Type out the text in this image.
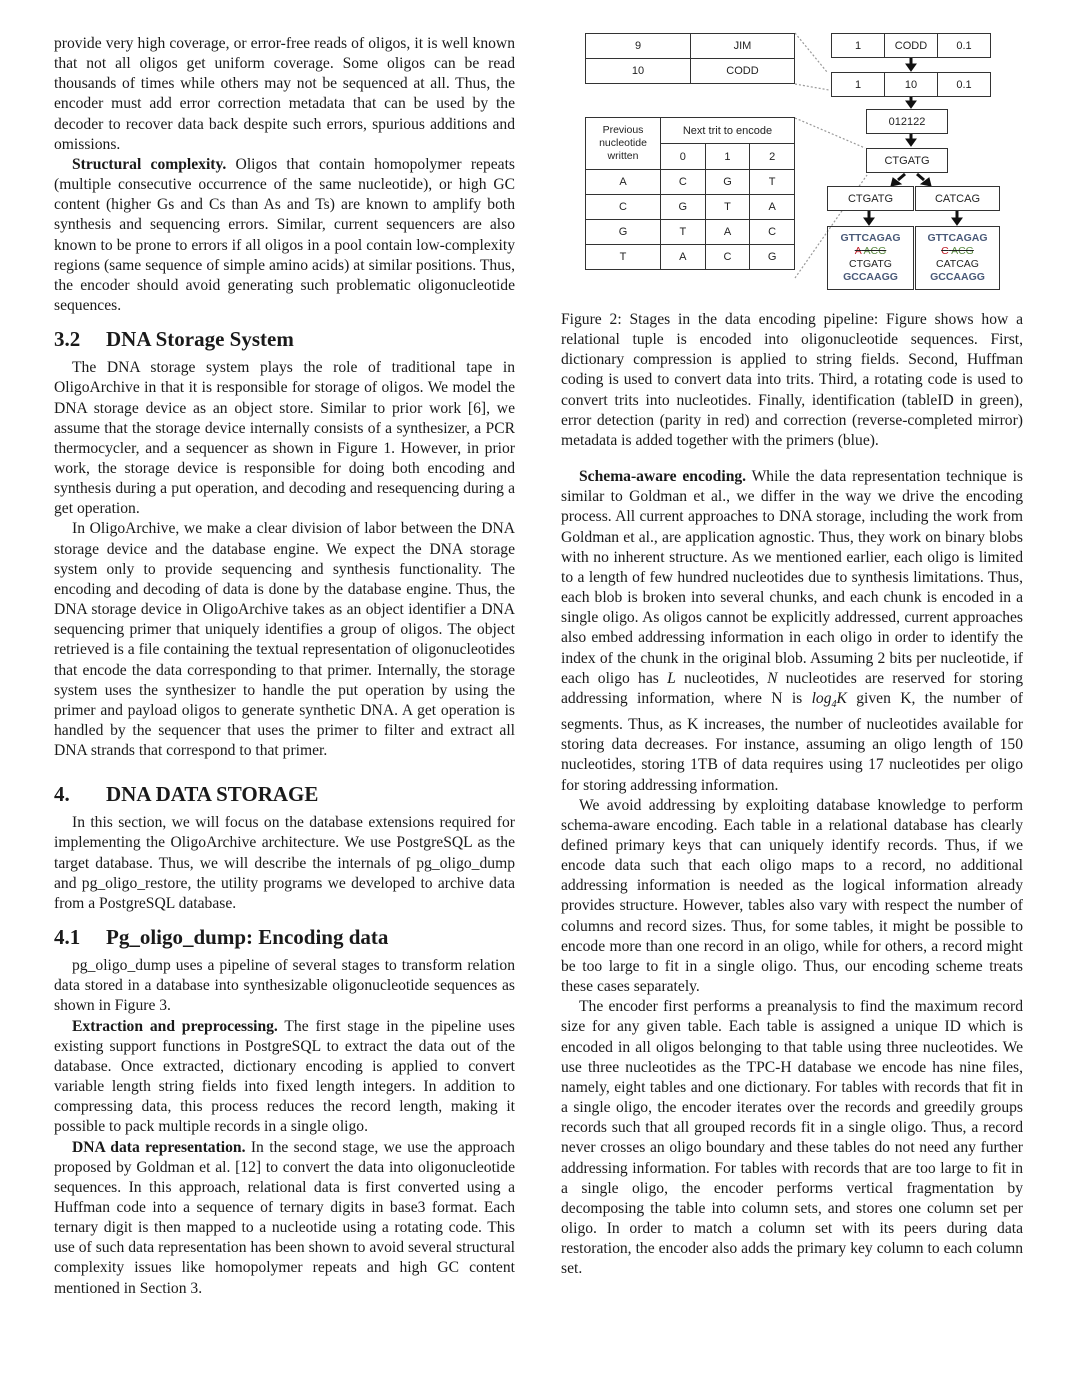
9	JIM
10	CODD
1	CODD	0.1
1	10	0.1
012122
CTGATG
CTGATG	CATCAG
Previous nucleotide written	Next trit to encode		
	0	1	2
A	C	G	T
C	G	T	A
G	T	A	C
T	A	C	G
GTTCAGAG
A ACG
CTGATG
GCCAAGG
GTTCAGAG
C ACG
CATCAG
GCCAAGG

provide very high coverage, or error-free reads of oligos, it is well known that not all oligos get uniform coverage. Some oligos can be read thousands of times while others may not be sequenced at all. Thus, the encoder must add error correction metadata that can be used by the decoder to recover data back despite such errors, spurious additions and omissions.

Structural complexity. Oligos that contain homopolymer repeats (multiple consecutive occurrence of the same nucleotide), or high GC content (higher Gs and Cs than As and Ts) are known to amplify both synthesis and sequencing errors. Similar, current sequencers are also known to be prone to errors if all oligos in a pool contain low-complexity regions (same sequence of simple amino acids) at similar positions. Thus, the encoder should avoid generating such problematic oligonucleotide sequences.

3.2 DNA Storage System

The DNA storage system plays the role of traditional tape in OligoArchive in that it is responsible for storage of oligos. We model the DNA storage device as an object store. Similar to prior work [6], we assume that the storage device internally consists of a synthesizer, a PCR thermocycler, and a sequencer as shown in Figure 1. However, in prior work, the storage device is responsible for doing both encoding and synthesis during a put operation, and decoding and resequencing during a get operation.

In OligoArchive, we make a clear division of labor between the DNA storage device and the database engine. We expect the DNA storage system only to provide sequencing and synthesis functionality. The encoding and decoding of data is done by the database engine. Thus, the DNA storage device in OligoArchive takes as an object identifier a DNA sequencing primer that uniquely identifies a group of oligos. The object retrieved is a file containing the textual representation of oligonucleotides that encode the data corresponding to that primer. Internally, the storage system uses the synthesizer to handle the put operation by using the primer and payload oligos to generate synthetic DNA. A get operation is handled by the sequencer that uses the primer to filter and extract all DNA strands that correspond to that primer.

4. DNA DATA STORAGE

In this section, we will focus on the database extensions required for implementing the OligoArchive architecture. We use PostgreSQL as the target database. Thus, we will describe the internals of pg_oligo_dump and pg_oligo_restore, the utility programs we developed to archive data from a PostgreSQL database.

4.1 Pg_oligo_dump: Encoding data

pg_oligo_dump uses a pipeline of several stages to transform relation data stored in a database into synthesizable oligonucleotide sequences as shown in Figure 3.

Extraction and preprocessing. The first stage in the pipeline uses existing support functions in PostgreSQL to extract the data out of the database. Once extracted, dictionary encoding is applied to convert variable length string fields into fixed length integers. In addition to compressing data, this process reduces the record length, making it possible to pack multiple records in a single oligo.

DNA data representation. In the second stage, we use the approach proposed by Goldman et al. [12] to convert the data into oligonucleotide sequences. In this approach, relational data is first converted using a Huffman code into a sequence of ternary digits in base3 format. Each ternary digit is then mapped to a nucleotide using a rotating code. This use of such data representation has been shown to avoid several structural complexity issues like homopolymer repeats and high GC content mentioned in Section 3.

Figure 2: Stages in the data encoding pipeline: Figure shows how a relational tuple is encoded into oligonucleotide sequences. First, dictionary compression is applied to string fields. Second, Huffman coding is used to convert data into trits. Third, a rotating code is used to convert trits into nucleotides. Finally, identification (tableID in green), error detection (parity in red) and correction (reverse-completed mirror) metadata is added together with the primers (blue).

Schema-aware encoding. While the data representation technique is similar to Goldman et al., we differ in the way we drive the encoding process. All current approaches to DNA storage, including the work from Goldman et al., are application agnostic. Thus, they work on binary blobs with no inherent structure. As we mentioned earlier, each oligo is limited to a length of few hundred nucleotides due to synthesis limitations. Thus, each blob is broken into several chunks, and each chunk is encoded in a single oligo. As oligos cannot be explicitly addressed, current approaches also embed addressing information in each oligo in order to identify the index of the chunk in the original blob. Assuming 2 bits per nucleotide, if each oligo has L nucleotides, N nucleotides are reserved for storing addressing information, where N is $\log_4K$ given K, the number of segments. Thus, as K increases, the number of nucleotides available for storing data decreases. For instance, assuming an oligo length of 150 nucleotides, storing 1TB of data requires using 17 nucleotides per oligo for storing addressing information.

We avoid addressing by exploiting database knowledge to perform schema-aware encoding. Each table in a relational database has clearly defined primary keys that can uniquely identify records. Thus, if we encode data such that each oligo maps to a record, no additional addressing information is needed as the logical information already provides structure. However, tables also vary with respect the number of columns and record sizes. Thus, for some tables, it might be possible to encode more than one record in an oligo, while for others, a record might be too large to fit in a single oligo. Thus, our encoding scheme treats these cases separately.

The encoder first performs a preanalysis to find the maximum record size for any given table. Each table is assigned a unique ID which is encoded in all oligos belonging to that table using three nucleotides. We use three nucleotides as the TPC-H database we encode has nine files, namely, eight tables and one dictionary. For tables with records that fit in a single oligo, the encoder iterates over the records and greedily groups records such that all grouped records fit in a single oligo. Thus, a record never crosses an oligo boundary and these tables do not need any further addressing information. For tables with records that are too large to fit in a single oligo, the encoder performs vertical fragmentation by decomposing the table into column sets, and stores one column set per oligo. In order to match a column set with its peers during data restoration, the encoder also adds the primary key column to each column set.
